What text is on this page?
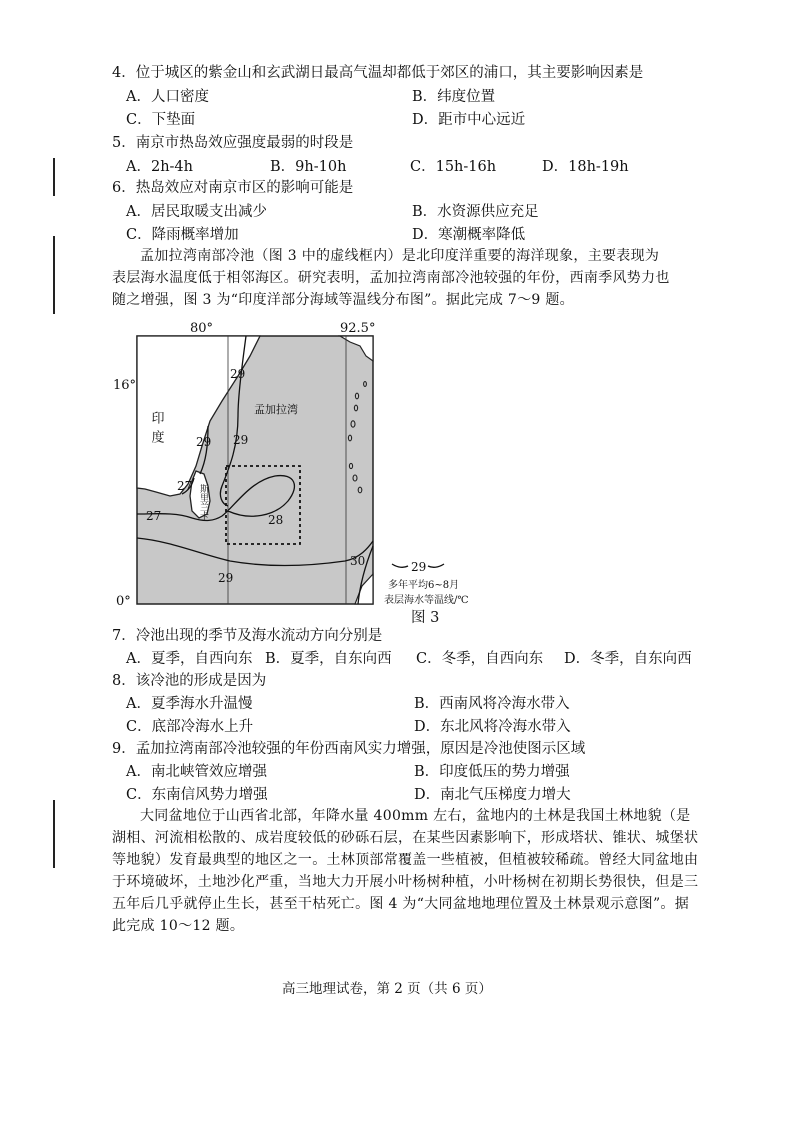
4．位于城区的紫金山和玄武湖日最高气温却都低于郊区的浦口，其主要影响因素是
A．人口密度	B．纬度位置
C．下垫面	D．距市中心远近
5．南京市热岛效应强度最弱的时段是
A．2h-4h	B．9h-10h	C．15h-16h	D．18h-19h
6．热岛效应对南京市区的影响可能是
A．居民取暖支出减少	B．水资源供应充足
C．降雨概率增加	D．寒潮概率降低
孟加拉湾南部冷池（图 3 中的虚线框内）是北印度洋重要的海洋现象，主要表现为表层海水温度低于相邻海区。研究表明，孟加拉湾南部冷池较强的年份，西南季风势力也随之增强，图 3 为“印度洋部分海域等温线分布图”。据此完成 7～9 题。
80°	92.5°
16°
0°
斯里兰卡
印度
孟加拉湾
29
29
29
27
27	28
29
30	29
多年平均6~8月
表层海水等温线/℃
图 3
7．冷池出现的季节及海水流动方向分别是
A．夏季，自西向东 B．夏季，自东向西 C．冬季，自西向东 D．冬季，自东向西
8．该冷池的形成是因为
A．夏季海水升温慢	B．西南风将冷海水带入
C．底部冷海水上升	D．东北风将冷海水带入
9．孟加拉湾南部冷池较强的年份西南风实力增强，原因是冷池使图示区域
A．南北峡管效应增强	B．印度低压的势力增强
C．东南信风势力增强	D．南北气压梯度力增大
大同盆地位于山西省北部，年降水量 400mm 左右，盆地内的土林是我国土林地貌（是湖相、河流相松散的、成岩度较低的砂砾石层，在某些因素影响下，形成塔状、锥状、城堡状等地貌）发育最典型的地区之一。土林顶部常覆盖一些植被，但植被较稀疏。曾经大同盆地由于环境破坏，土地沙化严重，当地大力开展小叶杨树种植，小叶杨树在初期长势很快，但是三五年后几乎就停止生长，甚至干枯死亡。图 4 为“大同盆地地理位置及土林景观示意图”。据此完成 10～12 题。
高三地理试卷，第 2 页（共 6 页）
